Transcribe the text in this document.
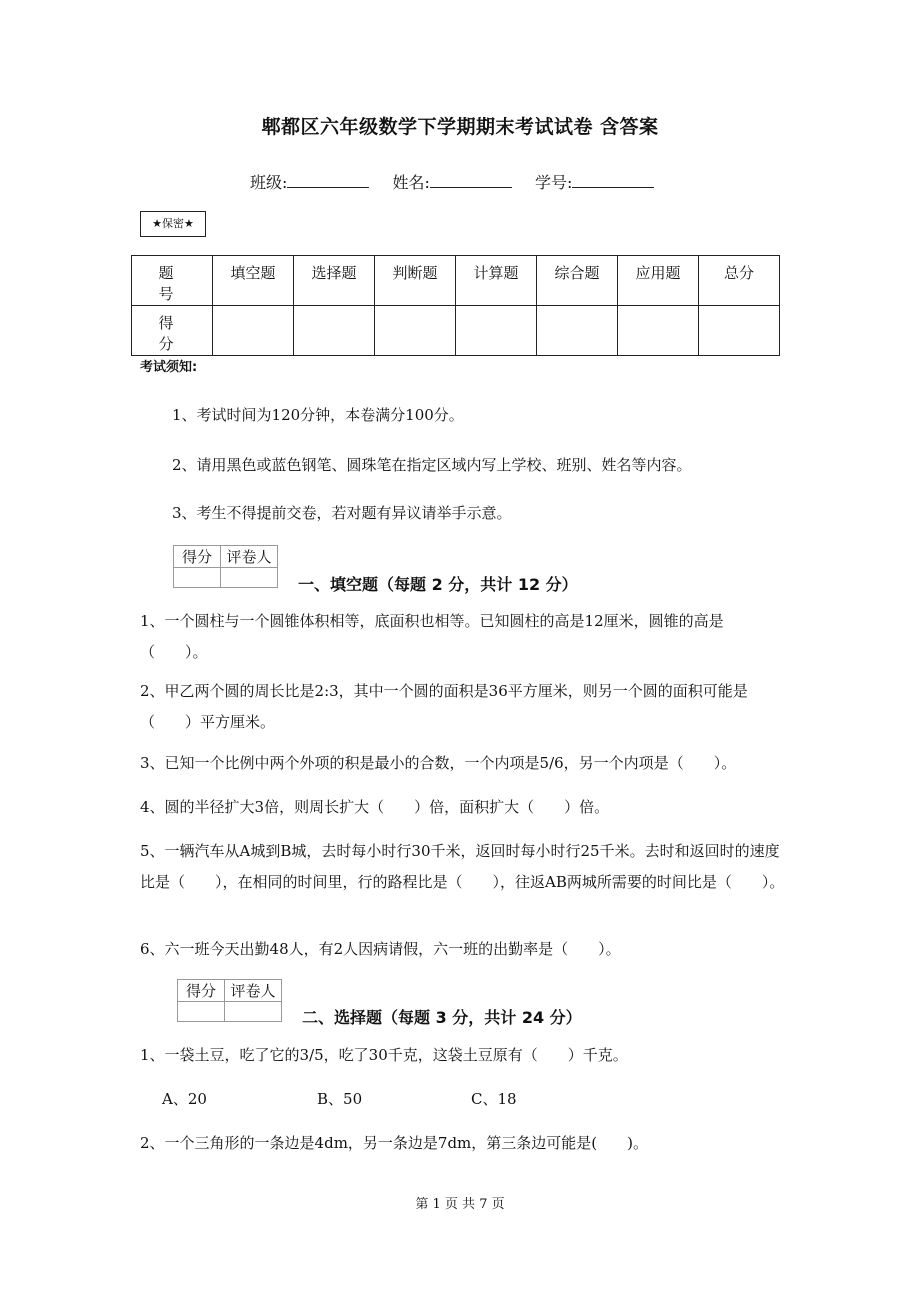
郫都区六年级数学下学期期末考试试卷 含答案
班级:	姓名:	学号:
★保密★
题　号	填空题	选择题	判断题	计算题	综合题	应用题	总分
得　分							
考试须知:
1、考试时间为120分钟，本卷满分100分。
2、请用黑色或蓝色钢笔、圆珠笔在指定区域内写上学校、班别、姓名等内容。
3、考生不得提前交卷，若对题有异议请举手示意。
得分	评卷人

一、填空题（每题 2 分，共计 12 分）
1、一个圆柱与一个圆锥体积相等，底面积也相等。已知圆柱的高是12厘米，圆锥的高是（　　）。
2、甲乙两个圆的周长比是2:3，其中一个圆的面积是36平方厘米，则另一个圆的面积可能是（　　）平方厘米。
3、已知一个比例中两个外项的积是最小的合数，一个内项是5/6，另一个内项是（　　）。
4、圆的半径扩大3倍，则周长扩大（　　）倍，面积扩大（　　）倍。
5、一辆汽车从A城到B城，去时每小时行30千米，返回时每小时行25千米。去时和返回时的速度比是（　　），在相同的时间里，行的路程比是（　　），往返AB两城所需要的时间比是（　　）。
6、六一班今天出勤48人，有2人因病请假，六一班的出勤率是（　　）。
得分	评卷人

二、选择题（每题 3 分，共计 24 分）
1、一袋土豆，吃了它的3/5，吃了30千克，这袋土豆原有（　　）千克。
A、20	B、50	C、18
2、一个三角形的一条边是4dm，另一条边是7dm，第三条边可能是(　　)。
第 1 页 共 7 页
